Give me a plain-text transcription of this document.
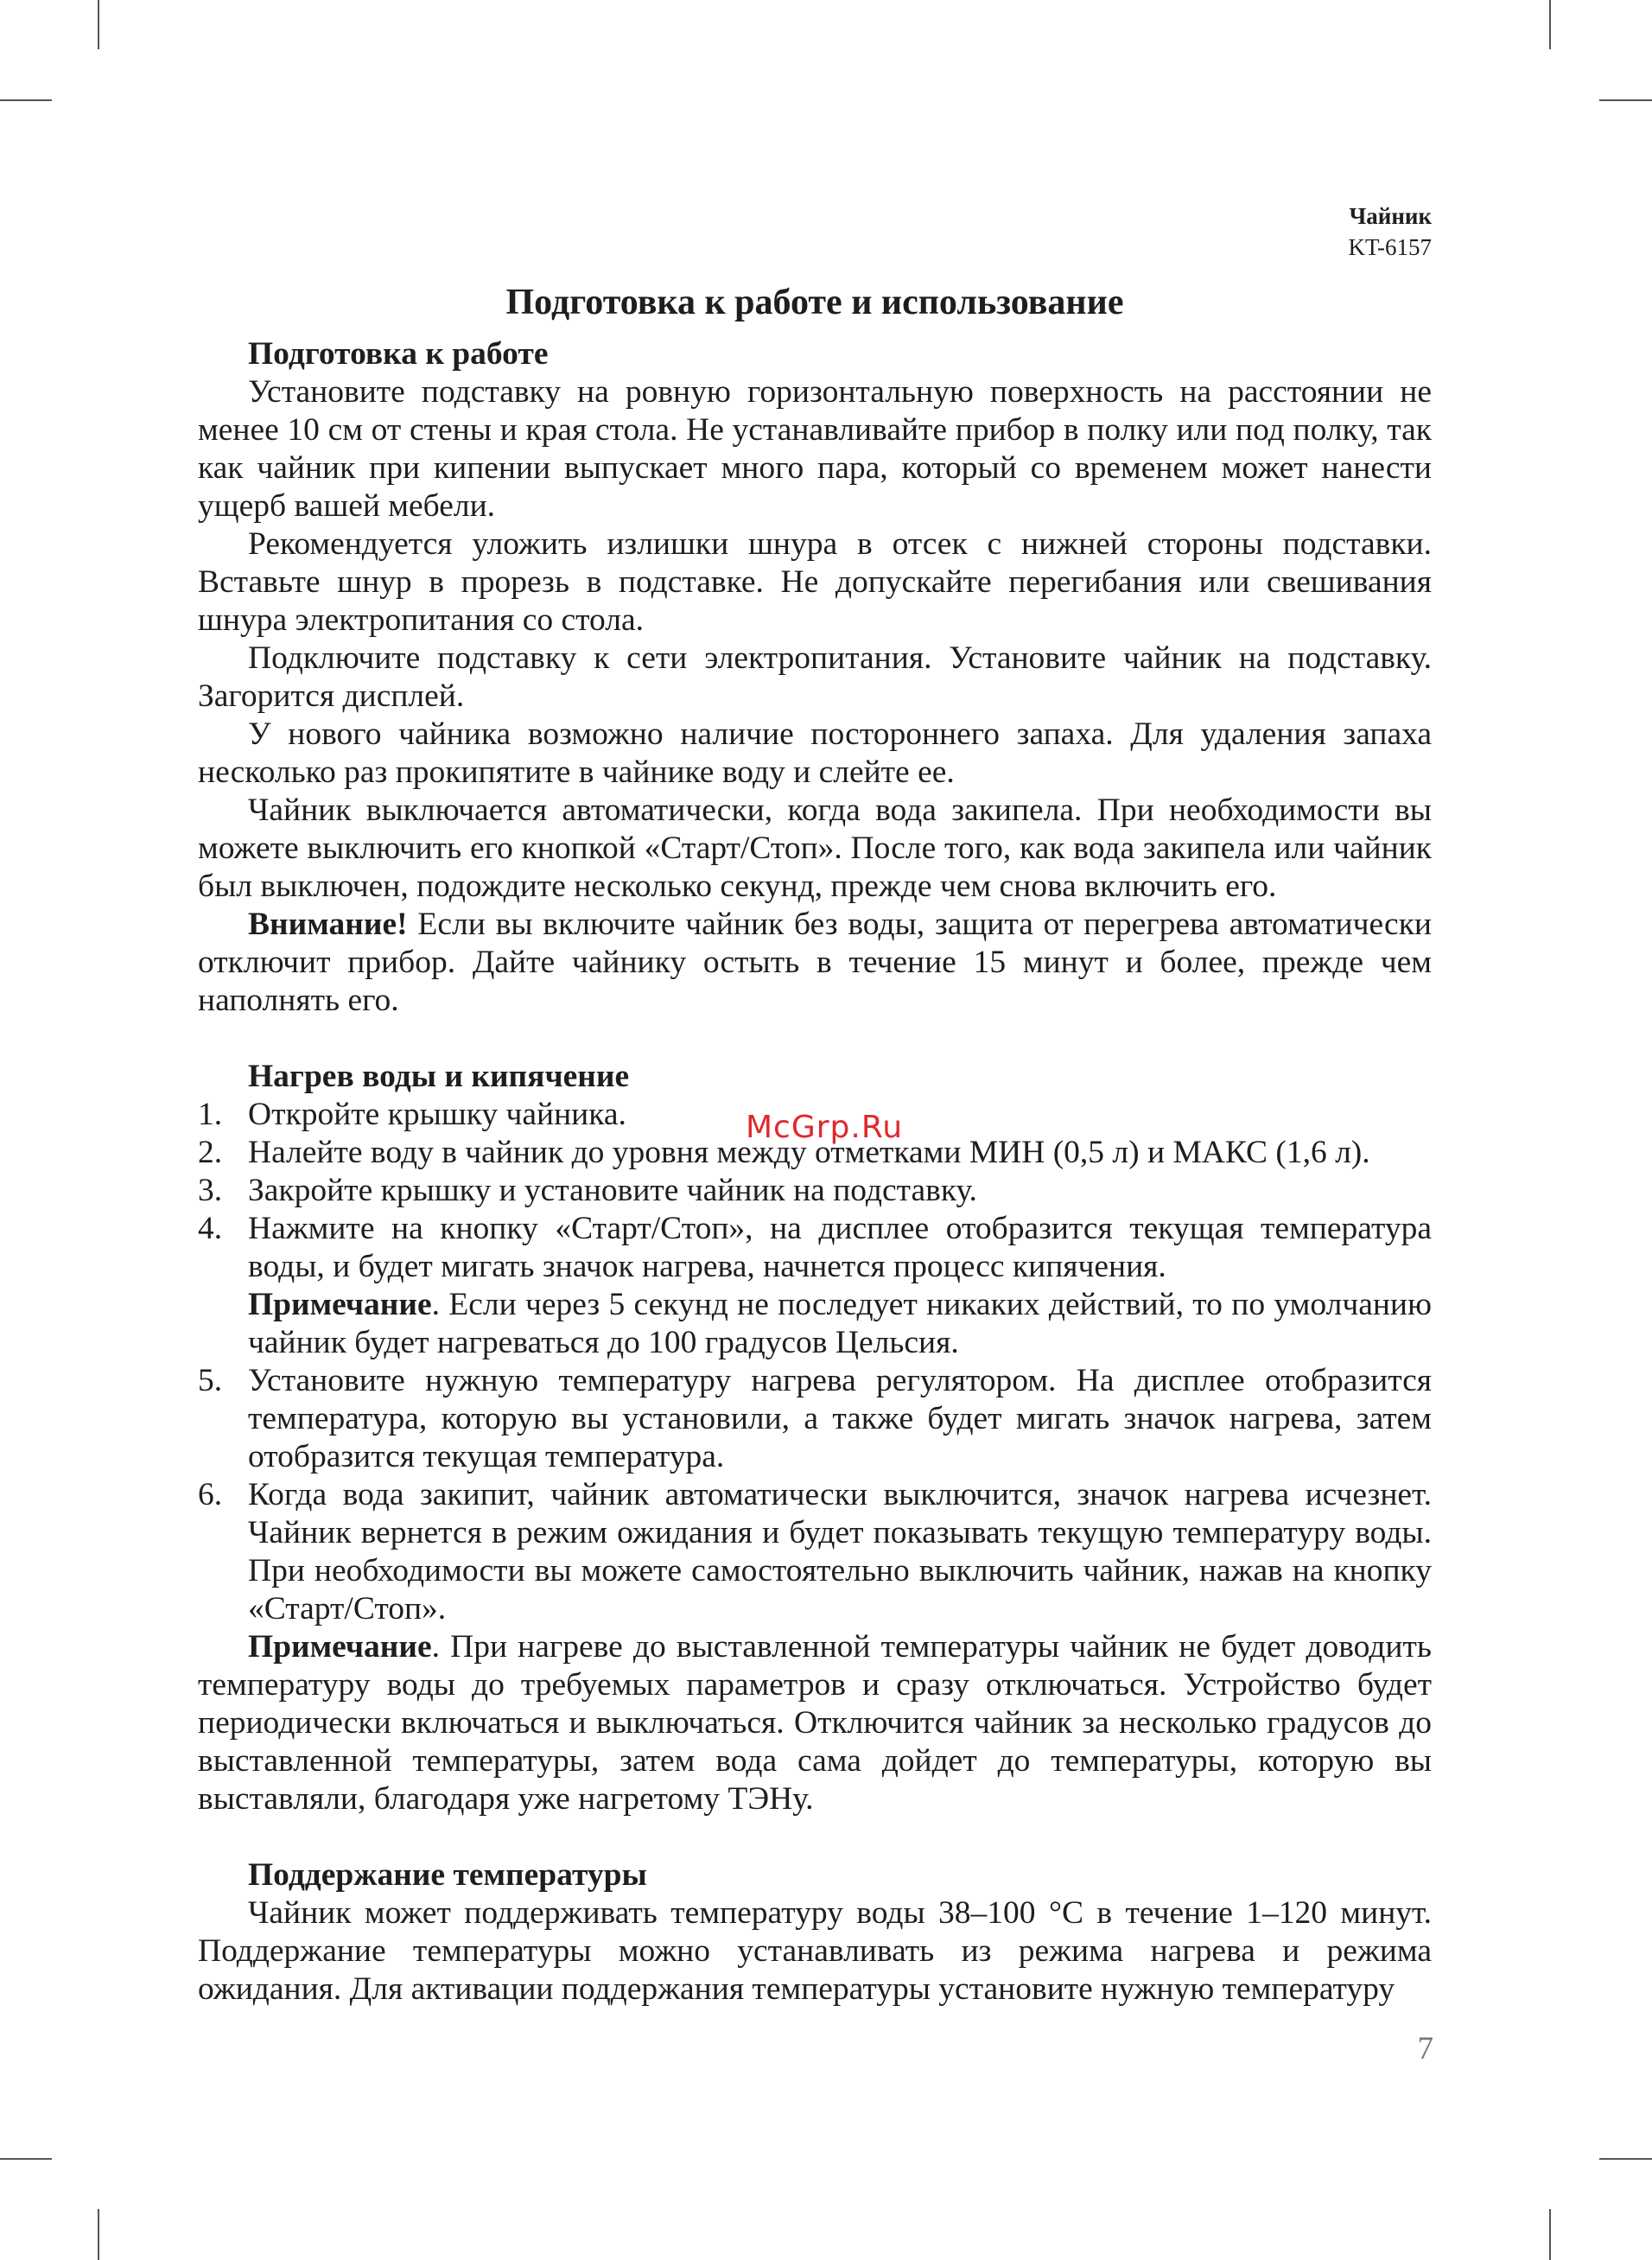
Чайник
KT-6157
McGrp.Ru
Подготовка к работе и использование

Подготовка к работе

Установите подставку на ровную горизонтальную поверхность на расстоянии не менее 10 см от стены и края стола. Не устанавливайте прибор в полку или под полку, так как чайник при кипении выпускает много пара, который со временем может нанести ущерб вашей мебели.

Рекомендуется уложить излишки шнура в отсек с нижней стороны подставки. Вставьте шнур в прорезь в подставке. Не допускайте перегибания или свешивания шнура электропитания со стола.

Подключите подставку к сети электропитания. Установите чайник на подставку. Загорится дисплей.

У нового чайника возможно наличие постороннего запаха. Для удаления запаха несколько раз прокипятите в чайнике воду и слейте ее.

Чайник выключается автоматически, когда вода закипела. При необходимости вы можете выключить его кнопкой «Старт/Стоп». После того, как вода закипела или чайник был выключен, подождите несколько секунд, прежде чем снова включить его.

Внимание! Если вы включите чайник без воды, защита от перегрева автоматически отключит прибор. Дайте чайнику остыть в течение 15 минут и более, прежде чем наполнять его.

Нагрев воды и кипячение

1. Откройте крышку чайника.
2. Налейте воду в чайник до уровня между отметками МИН (0,5 л) и МАКС (1,6 л).
3. Закройте крышку и установите чайник на подставку.
4. Нажмите на кнопку «Старт/Стоп», на дисплее отобразится текущая температура воды, и будет мигать значок нагрева, начнется процесс кипячения.

Примечание. Если через 5 секунд не последует никаких действий, то по умолчанию чайник будет нагреваться до 100 градусов Цельсия.

5. Установите нужную температуру нагрева регулятором. На дисплее отобразится температура, которую вы установили, а также будет мигать значок нагрева, затем отобразится текущая температура.
6. Когда вода закипит, чайник автоматически выключится, значок нагрева исчезнет. Чайник вернется в режим ожидания и будет показывать текущую температуру воды. При необходимости вы можете самостоятельно выключить чайник, нажав на кнопку «Старт/Стоп».

Примечание. При нагреве до выставленной температуры чайник не будет доводить температуру воды до требуемых параметров и сразу отключаться. Устройство будет периодически включаться и выключаться. Отключится чайник за несколько градусов до выставленной температуры, затем вода сама дойдет до температуры, которую вы выставляли, благодаря уже нагретому ТЭНу.

Поддержание температуры

Чайник может поддерживать температуру воды 38–100 °С в течение 1–120 минут. Поддержание температуры можно устанавливать из режима нагрева и режима ожидания. Для активации поддержания температуры установите нужную температуру

7
